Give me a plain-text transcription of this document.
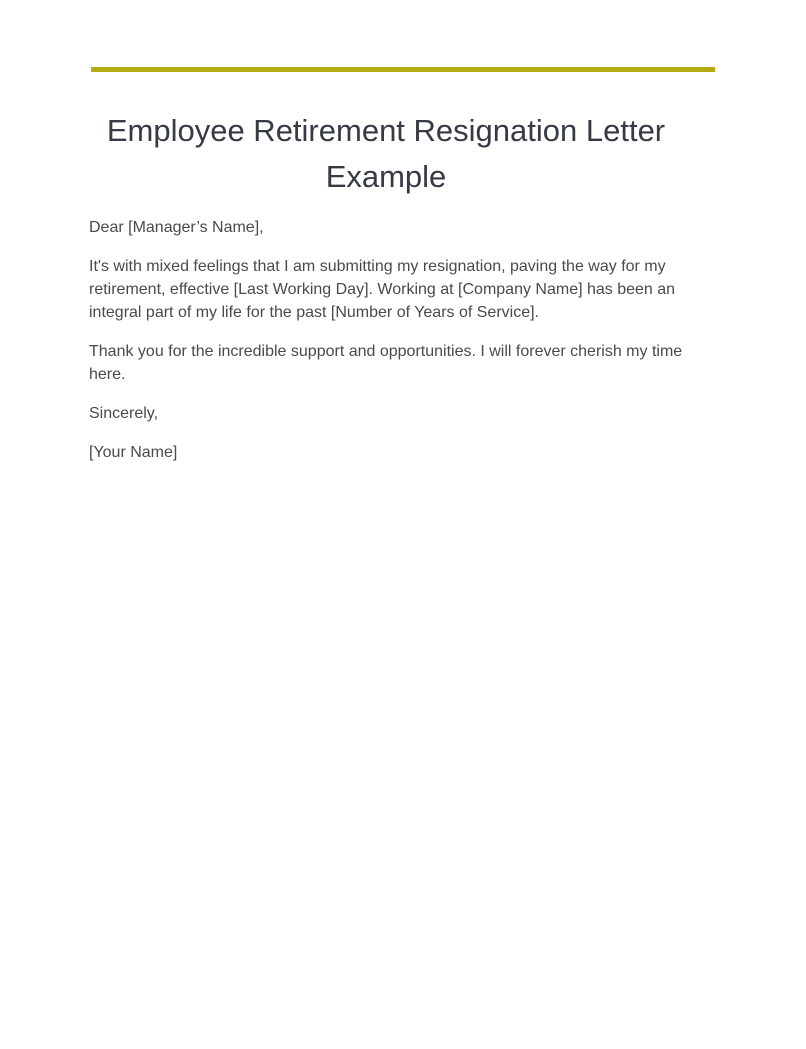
Employee Retirement Resignation Letter Example

Dear [Manager’s Name],

It's with mixed feelings that I am submitting my resignation, paving the way for my retirement, effective [Last Working Day]. Working at [Company Name] has been an integral part of my life for the past [Number of Years of Service].

Thank you for the incredible support and opportunities. I will forever cherish my time here.

Sincerely,

[Your Name]
